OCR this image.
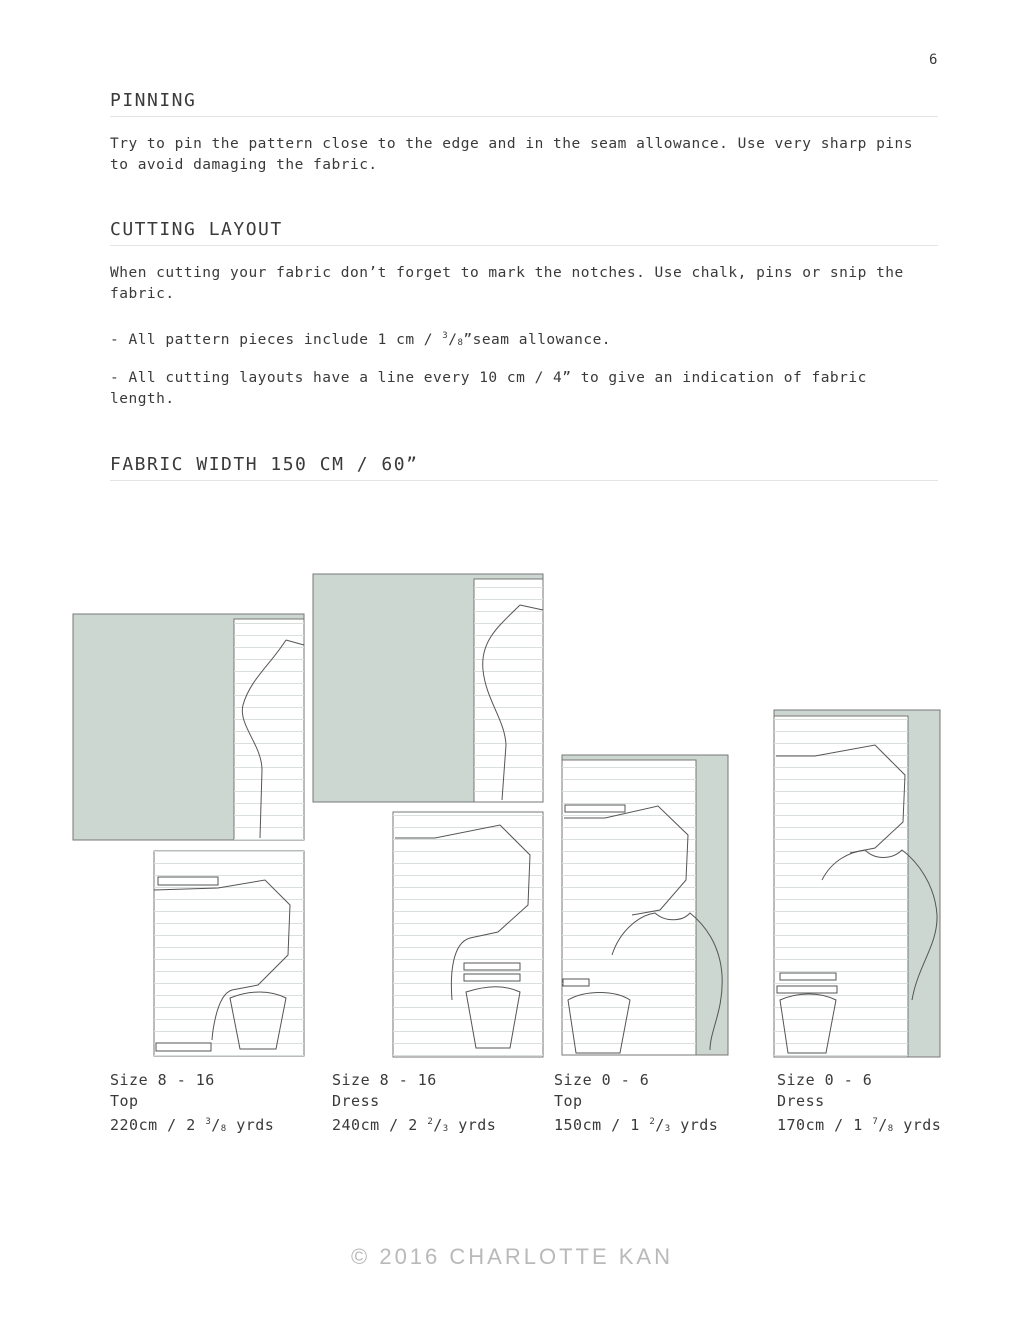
6
PINNING

Try to pin the pattern close to the edge and in the seam allowance. Use very sharp pins to avoid damaging the fabric.

CUTTING LAYOUT

When cutting your fabric don’t forget to mark the notches. Use chalk, pins or snip the fabric.

- All pattern pieces include 1 cm / $^3/_8”seam$ allowance.

- All cutting layouts have a line every 10 cm / 4” to give an indication of fabric length.

FABRIC WIDTH 150 CM / 60”
Size 8 - 16
Top
220cm / 2 $^3/_8$ yrds
Size 8 - 16
Dress
240cm / 2 $^2/_3$ yrds
Size 0 - 6
Top
150cm / 1 $^2/_3$ yrds
Size 0 - 6
Dress
170cm / 1 $^7/_8$ yrds
© 2016 CHARLOTTE KAN
